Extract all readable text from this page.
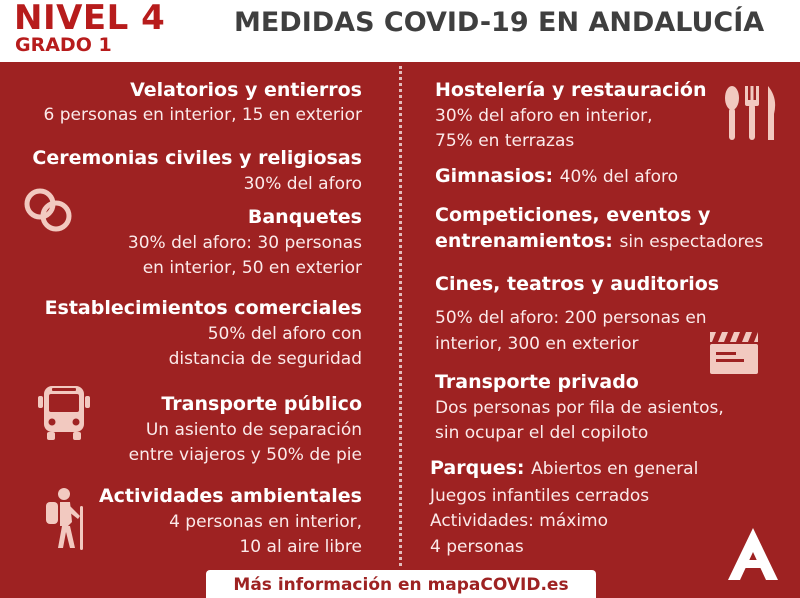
NIVEL 4
GRADO 1
MEDIDAS COVID-19 EN ANDALUCÍA
Velatorios y entierros
6 personas en interior, 15 en exterior
Ceremonias civiles y religiosas
30% del aforo
Banquetes
30% del aforo: 30 personas
en interior, 50 en exterior
Establecimientos comerciales
50% del aforo con
distancia de seguridad
Transporte público
Un asiento de separación
entre viajeros y 50% de pie
Actividades ambientales
4 personas en interior,
10 al aire libre
Hostelería y restauración
30% del aforo en interior,
75% en terrazas
Gimnasios: 40% del aforo
Competiciones, eventos y
entrenamientos: sin espectadores
Cines, teatros y auditorios
50% del aforo: 200 personas en
interior, 300 en exterior
Transporte privado
Dos personas por fila de asientos,
sin ocupar el del copiloto
Parques: Abiertos en general
Juegos infantiles cerrados
Actividades: máximo
4 personas
Más información en mapaCOVID.es
